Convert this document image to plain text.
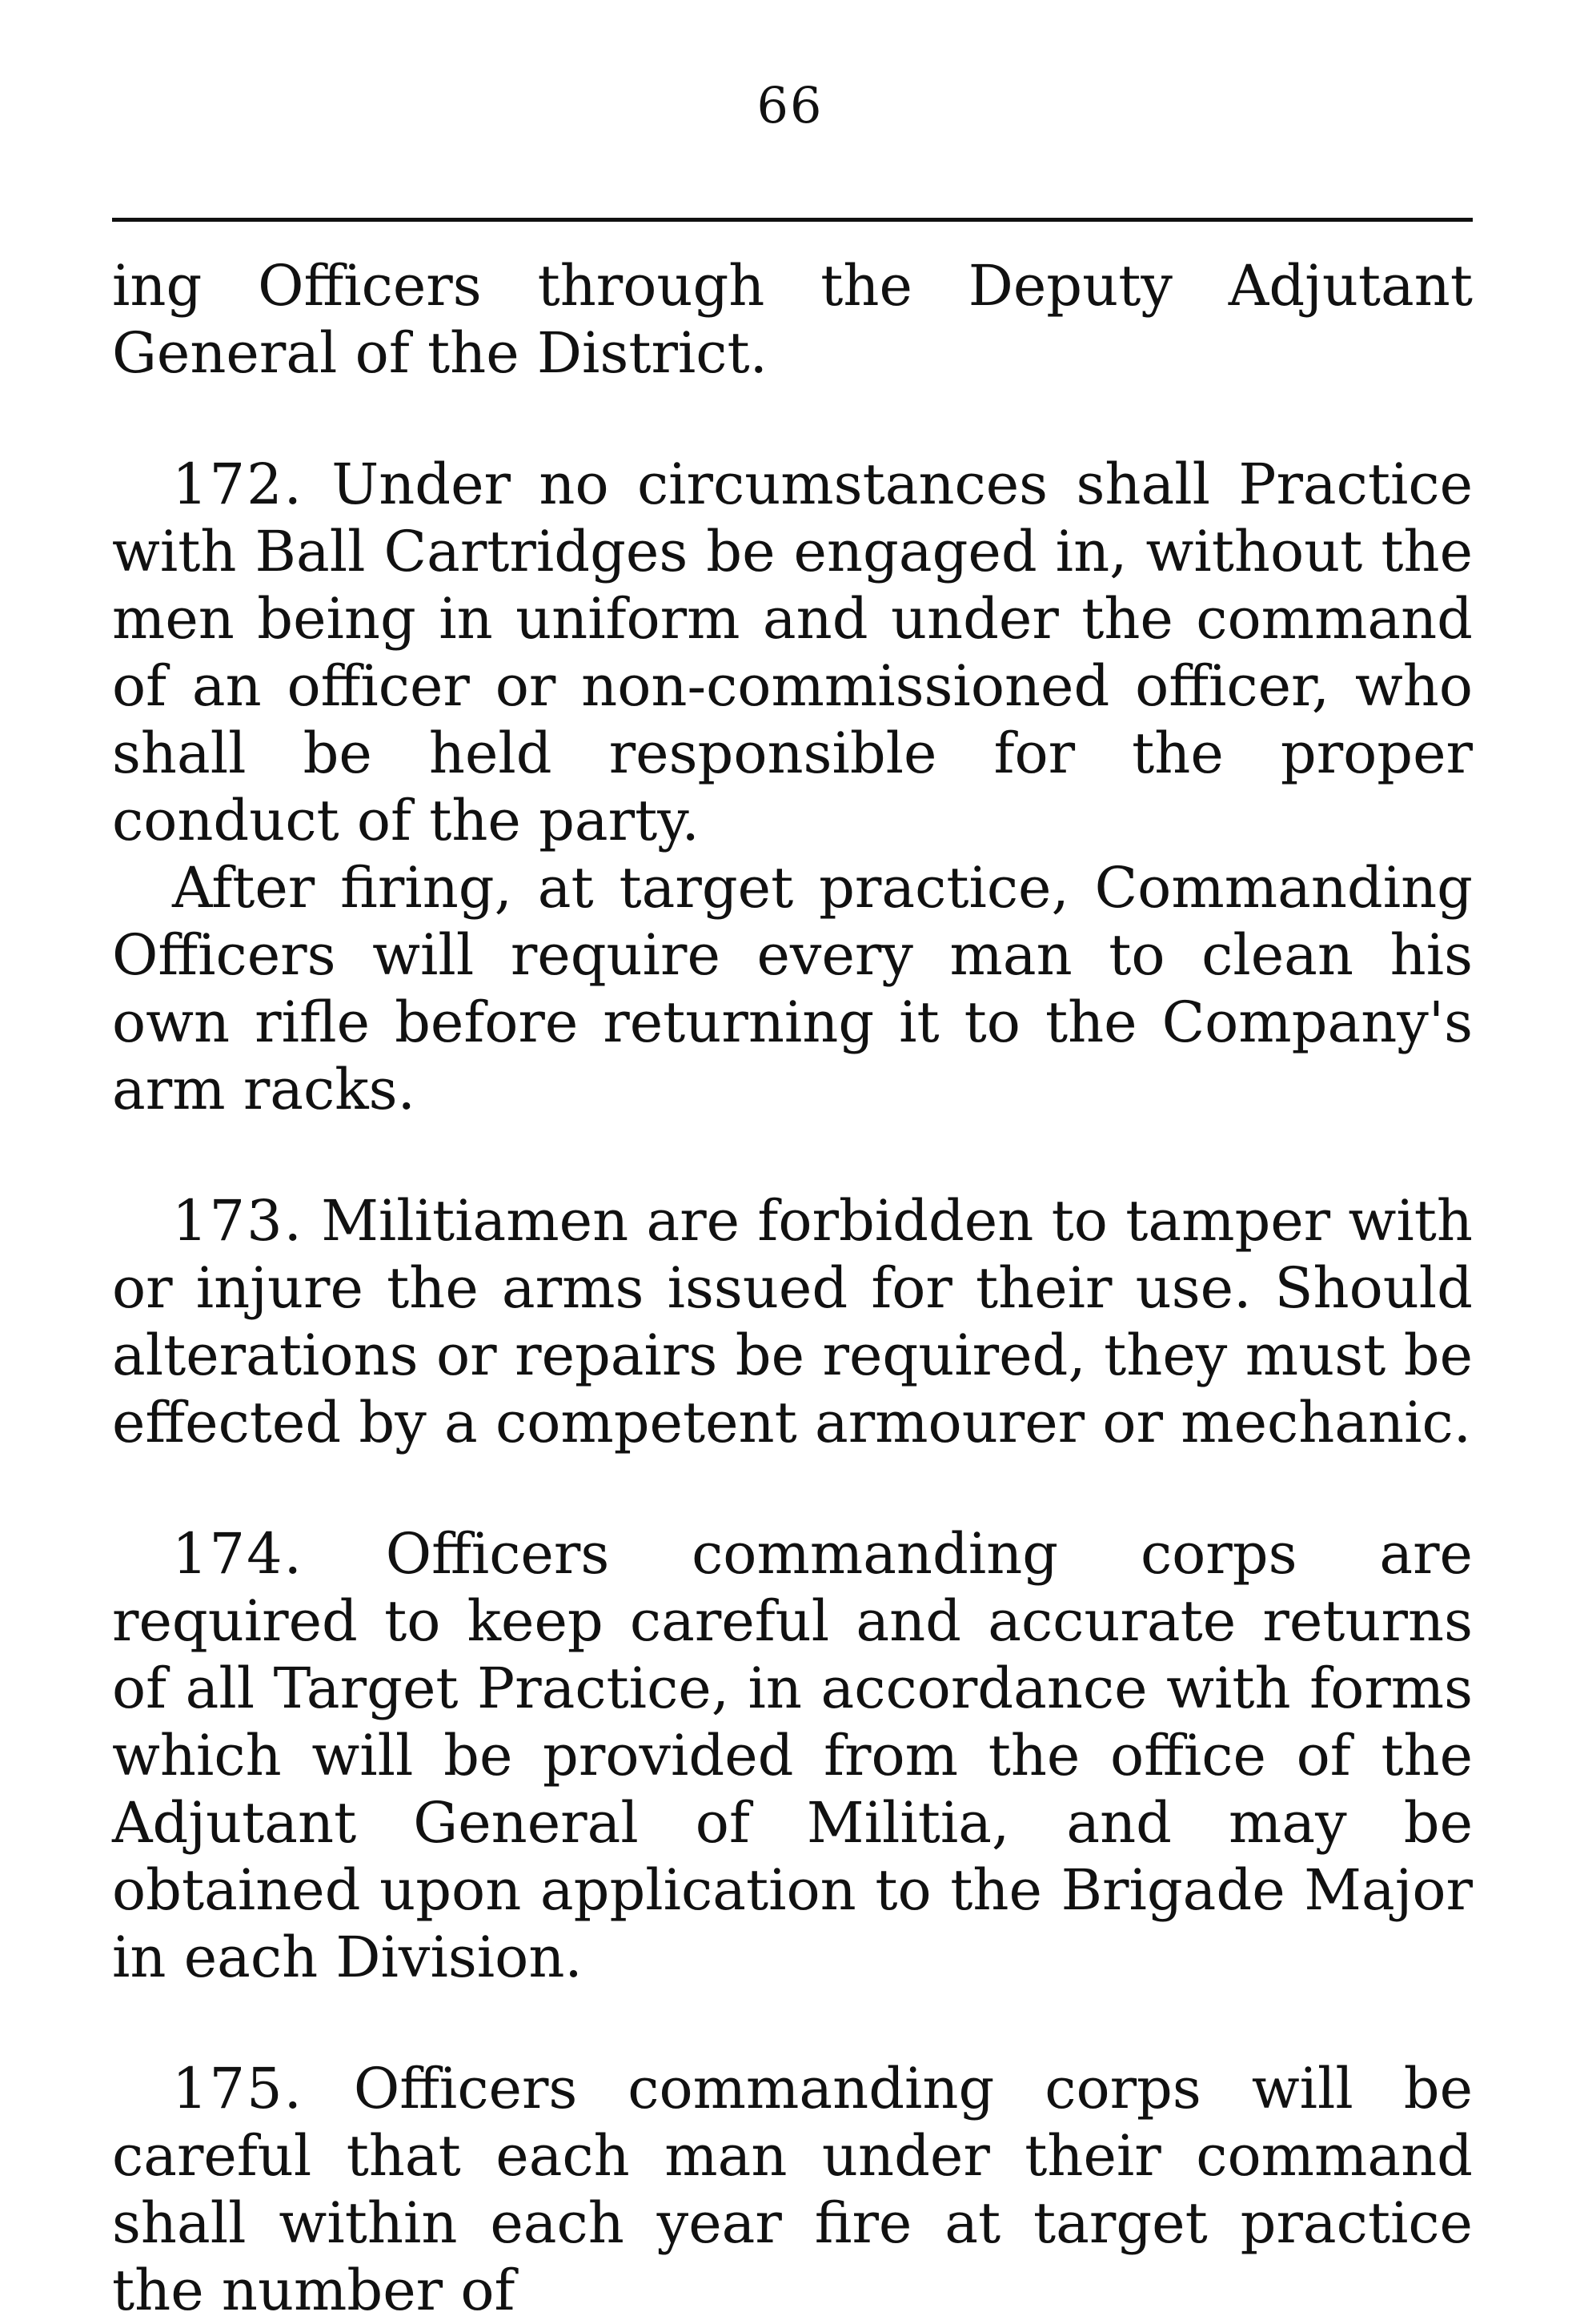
66

ing Officers through the Deputy Adjutant General of the District.

172. Under no circumstances shall Practice with Ball Cartridges be engaged in, without the men being in uniform and under the command of an officer or non-commissioned officer, who shall be held responsible for the proper conduct of the party.

After firing, at target practice, Commanding Officers will require every man to clean his own rifle before returning it to the Company's arm racks.

173. Militiamen are forbidden to tamper with or injure the arms issued for their use. Should alterations or repairs be required, they must be effected by a competent armourer or mechanic.

174. Officers commanding corps are required to keep careful and accurate returns of all Target Practice, in accordance with forms which will be provided from the office of the Adjutant General of Militia, and may be obtained upon application to the Brigade Major in each Division.

175. Officers commanding corps will be careful that each man under their command shall within each year fire at target practice the number of
